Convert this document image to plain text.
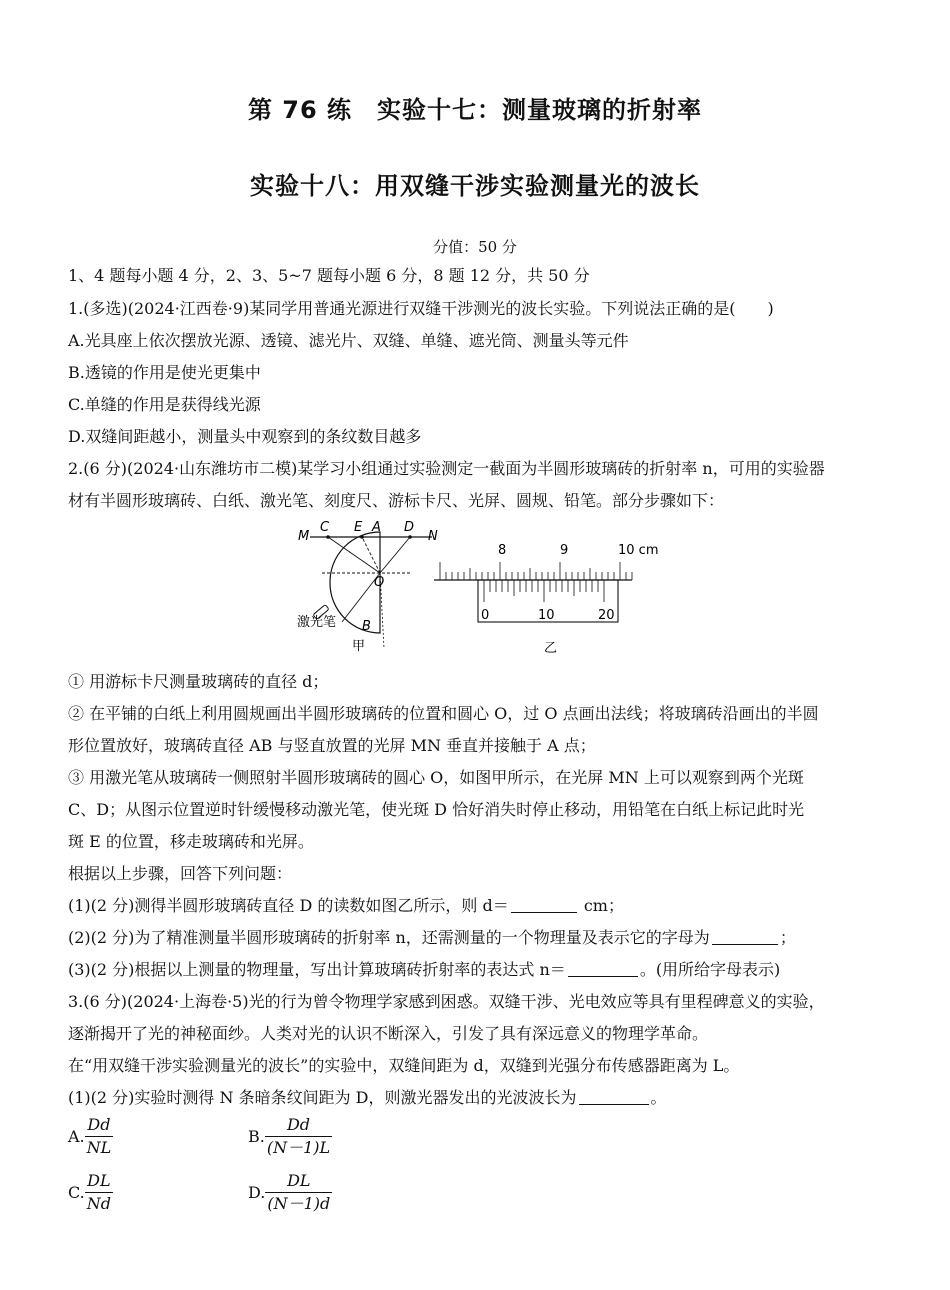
第 76 练　实验十七：测量玻璃的折射率
实验十八：用双缝干涉实验测量光的波长
分值：50 分
1、4 题每小题 4 分，2、3、5~7 题每小题 6 分，8 题 12 分，共 50 分
1.(多选)(2024·江西卷·9)某同学用普通光源进行双缝干涉测光的波长实验。下列说法正确的是(　　)
A.光具座上依次摆放光源、透镜、滤光片、双缝、单缝、遮光筒、测量头等元件
B.透镜的作用是使光更集中
C.单缝的作用是获得线光源
D.双缝间距越小，测量头中观察到的条纹数目越多
2.(6 分)(2024·山东潍坊市二模)某学习小组通过实验测定一截面为半圆形玻璃砖的折射率 n，可用的实验器
材有半圆形玻璃砖、白纸、激光笔、刻度尺、游标卡尺、光屏、圆规、铅笔。部分步骤如下：
M
C E A D
N
O
B
激光笔
甲
8	9	10 cm
0	10	20
乙
① 用游标卡尺测量玻璃砖的直径 d；
② 在平铺的白纸上利用圆规画出半圆形玻璃砖的位置和圆心 O，过 O 点画出法线；将玻璃砖沿画出的半圆
形位置放好，玻璃砖直径 AB 与竖直放置的光屏 MN 垂直并接触于 A 点；
③ 用激光笔从玻璃砖一侧照射半圆形玻璃砖的圆心 O，如图甲所示，在光屏 MN 上可以观察到两个光斑
C、D；从图示位置逆时针缓慢移动激光笔，使光斑 D 恰好消失时停止移动，用铅笔在白纸上标记此时光
斑 E 的位置，移走玻璃砖和光屏。
根据以上步骤，回答下列问题：
(1)(2 分)测得半圆形玻璃砖直径 D 的读数如图乙所示，则 d＝	cm；
(2)(2 分)为了精准测量半圆形玻璃砖的折射率 n，还需测量的一个物理量及表示它的字母为	；
(3)(2 分)根据以上测量的物理量，写出计算玻璃砖折射率的表达式 n＝	。(用所给字母表示)
3.(6 分)(2024·上海卷·5)光的行为曾令物理学家感到困惑。双缝干涉、光电效应等具有里程碑意义的实验，
逐渐揭开了光的神秘面纱。人类对光的认识不断深入，引发了具有深远意义的物理学革命。
在“用双缝干涉实验测量光的波长”的实验中，双缝间距为 d，双缝到光强分布传感器距离为 L。
(1)(2 分)实验时测得 N 条暗条纹间距为 D，则激光器发出的光波波长为	。
A. $\frac{Dd}{NL}$	B. $\frac{Dd}{(N-1)L}$
C. $\frac{DL}{Nd}$	D. $\frac{DL}{(N-1)d}$
